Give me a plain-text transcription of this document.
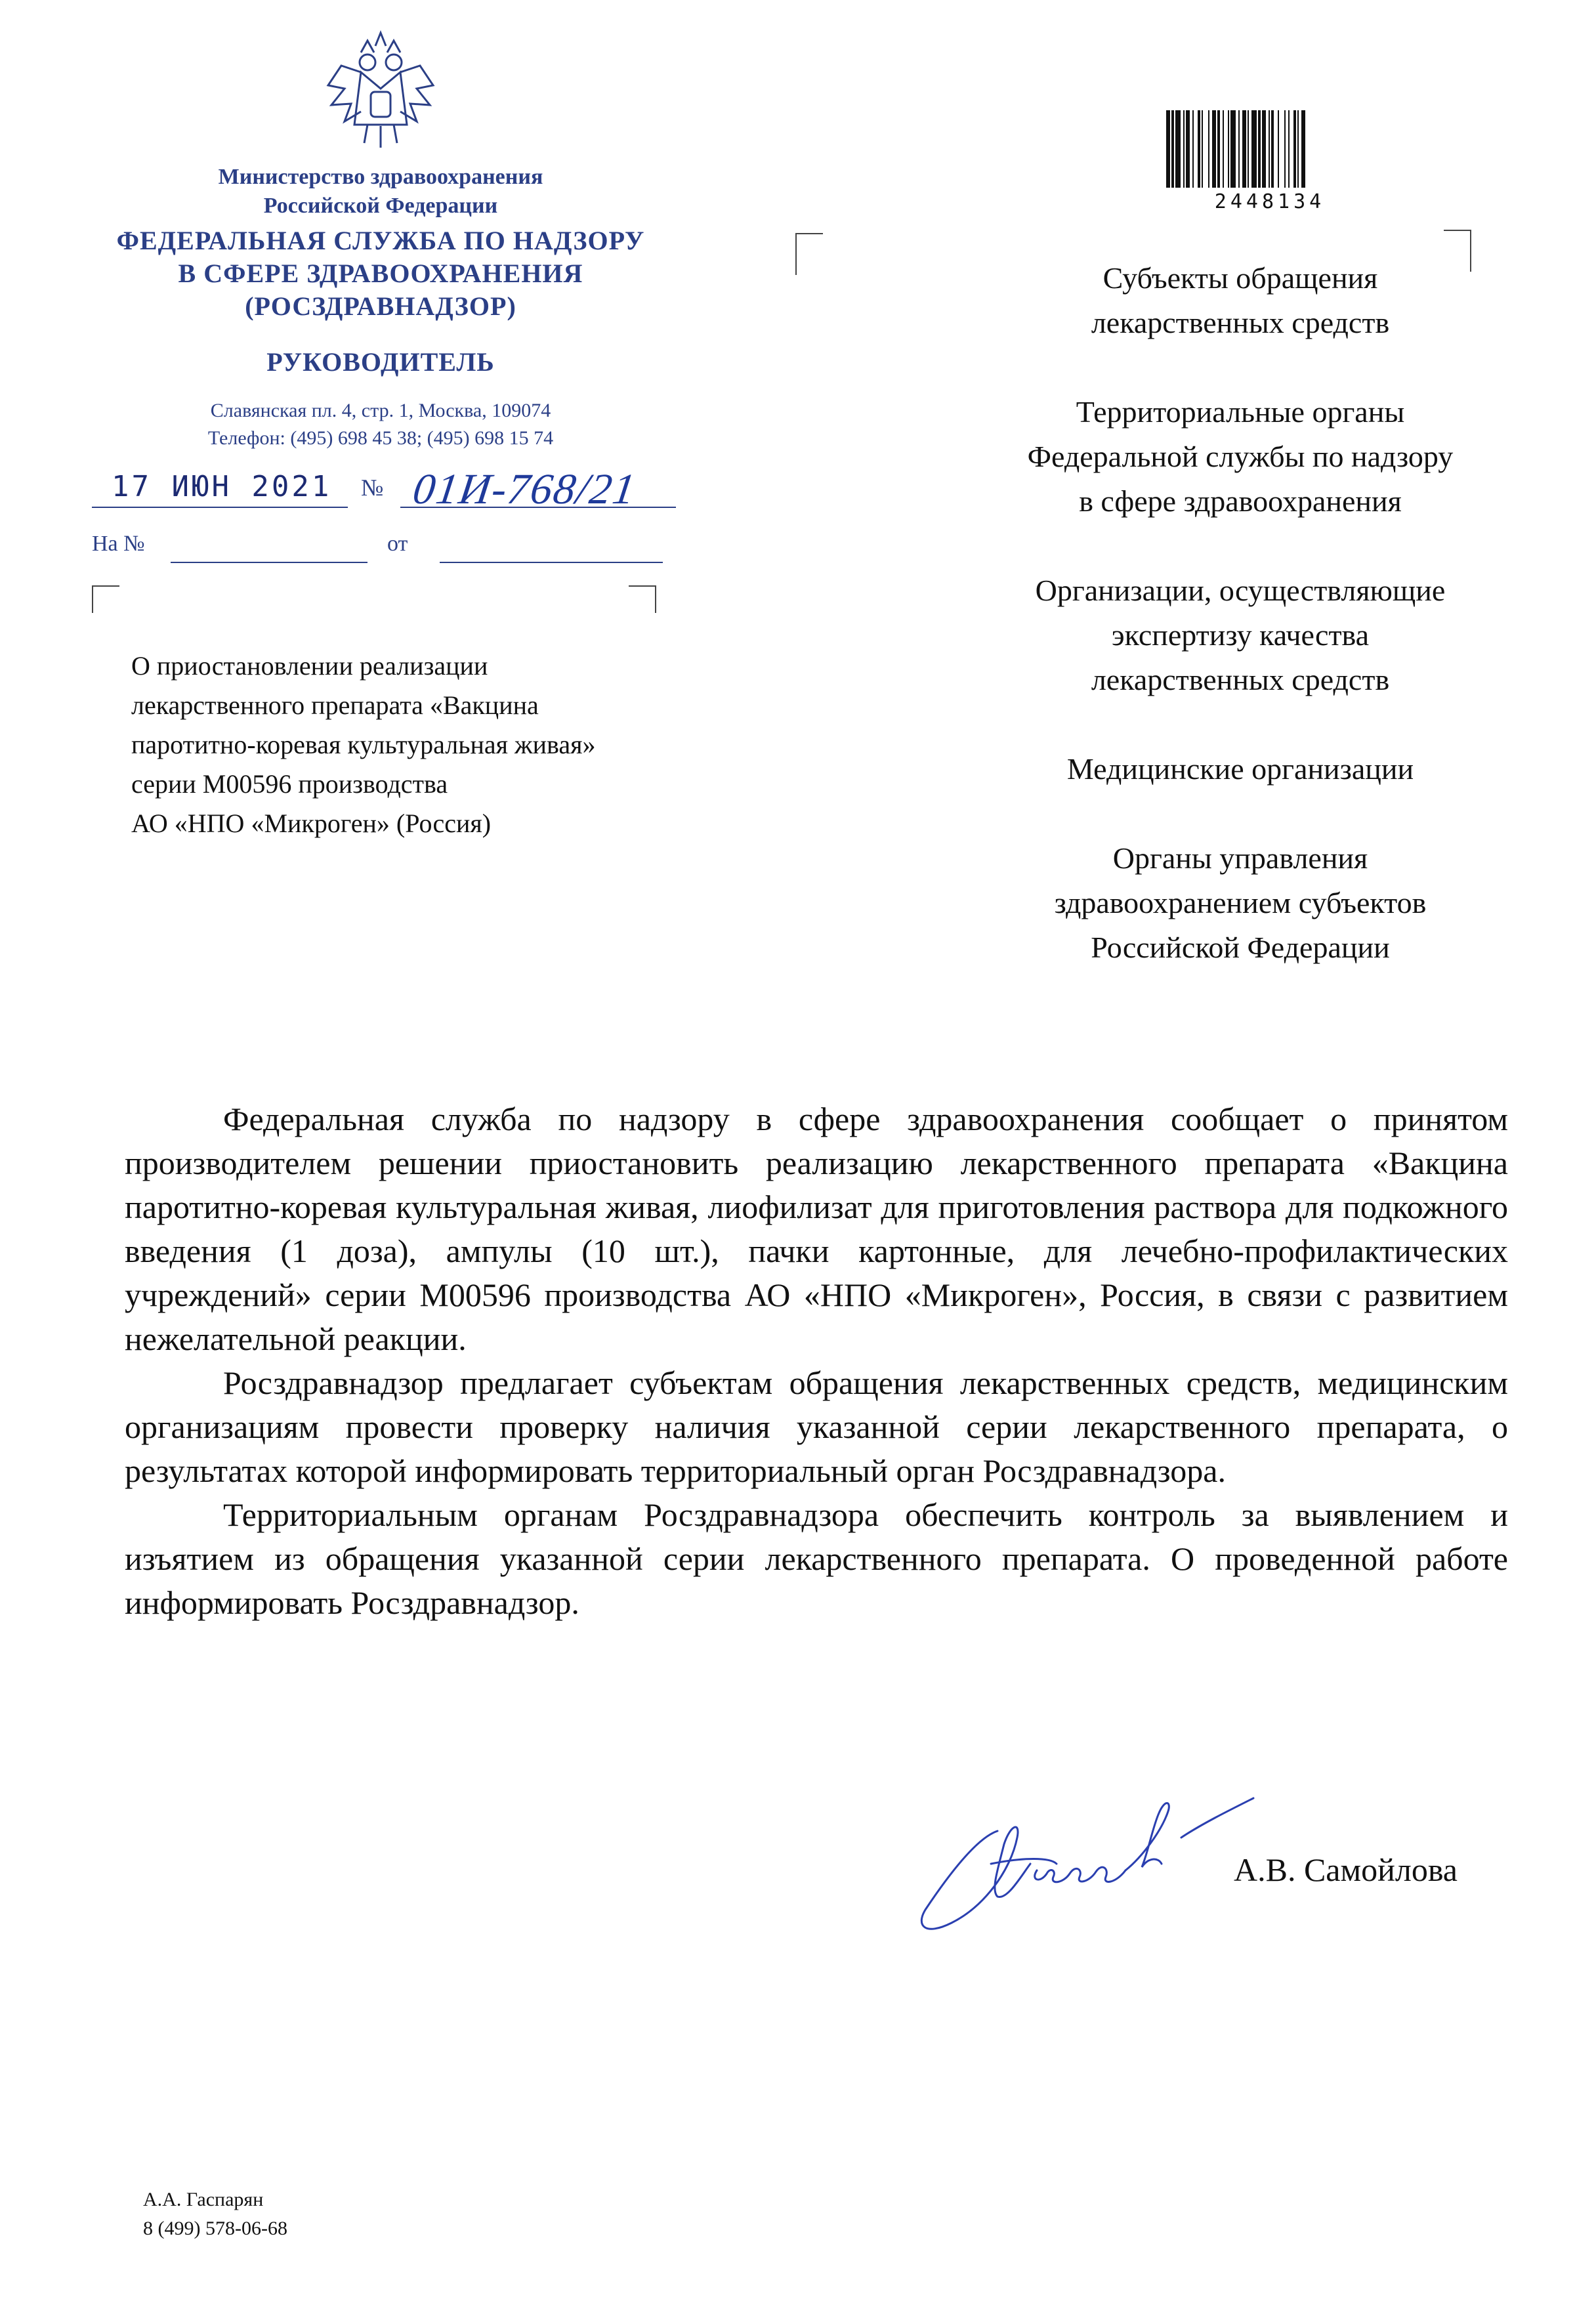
Министерство здравоохранения
Российской Федерации
ФЕДЕРАЛЬНАЯ СЛУЖБА ПО НАДЗОРУ
В СФЕРЕ ЗДРАВООХРАНЕНИЯ
(РОСЗДРАВНАДЗОР)
РУКОВОДИТЕЛЬ
Славянская пл. 4, стр. 1, Москва, 109074
Телефон: (495) 698 45 38; (495) 698 15 74
17 ИЮН 2021 № 01И-768/21
На №	от
О приостановлении реализации
лекарственного препарата «Вакцина
паротитно-коревая культуральная живая»
серии М00596 производства
АО «НПО «Микроген» (Россия)
2448134

Субъекты обращения
лекарственных средств

Территориальные органы
Федеральной службы по надзору
в сфере здравоохранения

Организации, осуществляющие
экспертизу качества
лекарственных средств

Медицинские организации

Органы управления
здравоохранением субъектов
Российской Федерации

Федеральная служба по надзору в сфере здравоохранения сообщает о принятом производителем решении приостановить реализацию лекарственного препарата «Вакцина паротитно-коревая культуральная живая, лиофилизат для приготовления раствора для подкожного введения (1 доза), ампулы (10 шт.), пачки картонные, для лечебно-профилактических учреждений» серии М00596 производства АО «НПО «Микроген», Россия, в связи с развитием нежелательной реакции.

Росздравнадзор предлагает субъектам обращения лекарственных средств, медицинским организациям провести проверку наличия указанной серии лекарственного препарата, о результатах которой информировать территориальный орган Росздравнадзора.

Территориальным органам Росздравнадзора обеспечить контроль за выявлением и изъятием из обращения указанной серии лекарственного препарата. О проведенной работе информировать Росздравнадзор.

А.В. Самойлова
А.А. Гаспарян
8 (499) 578-06-68
